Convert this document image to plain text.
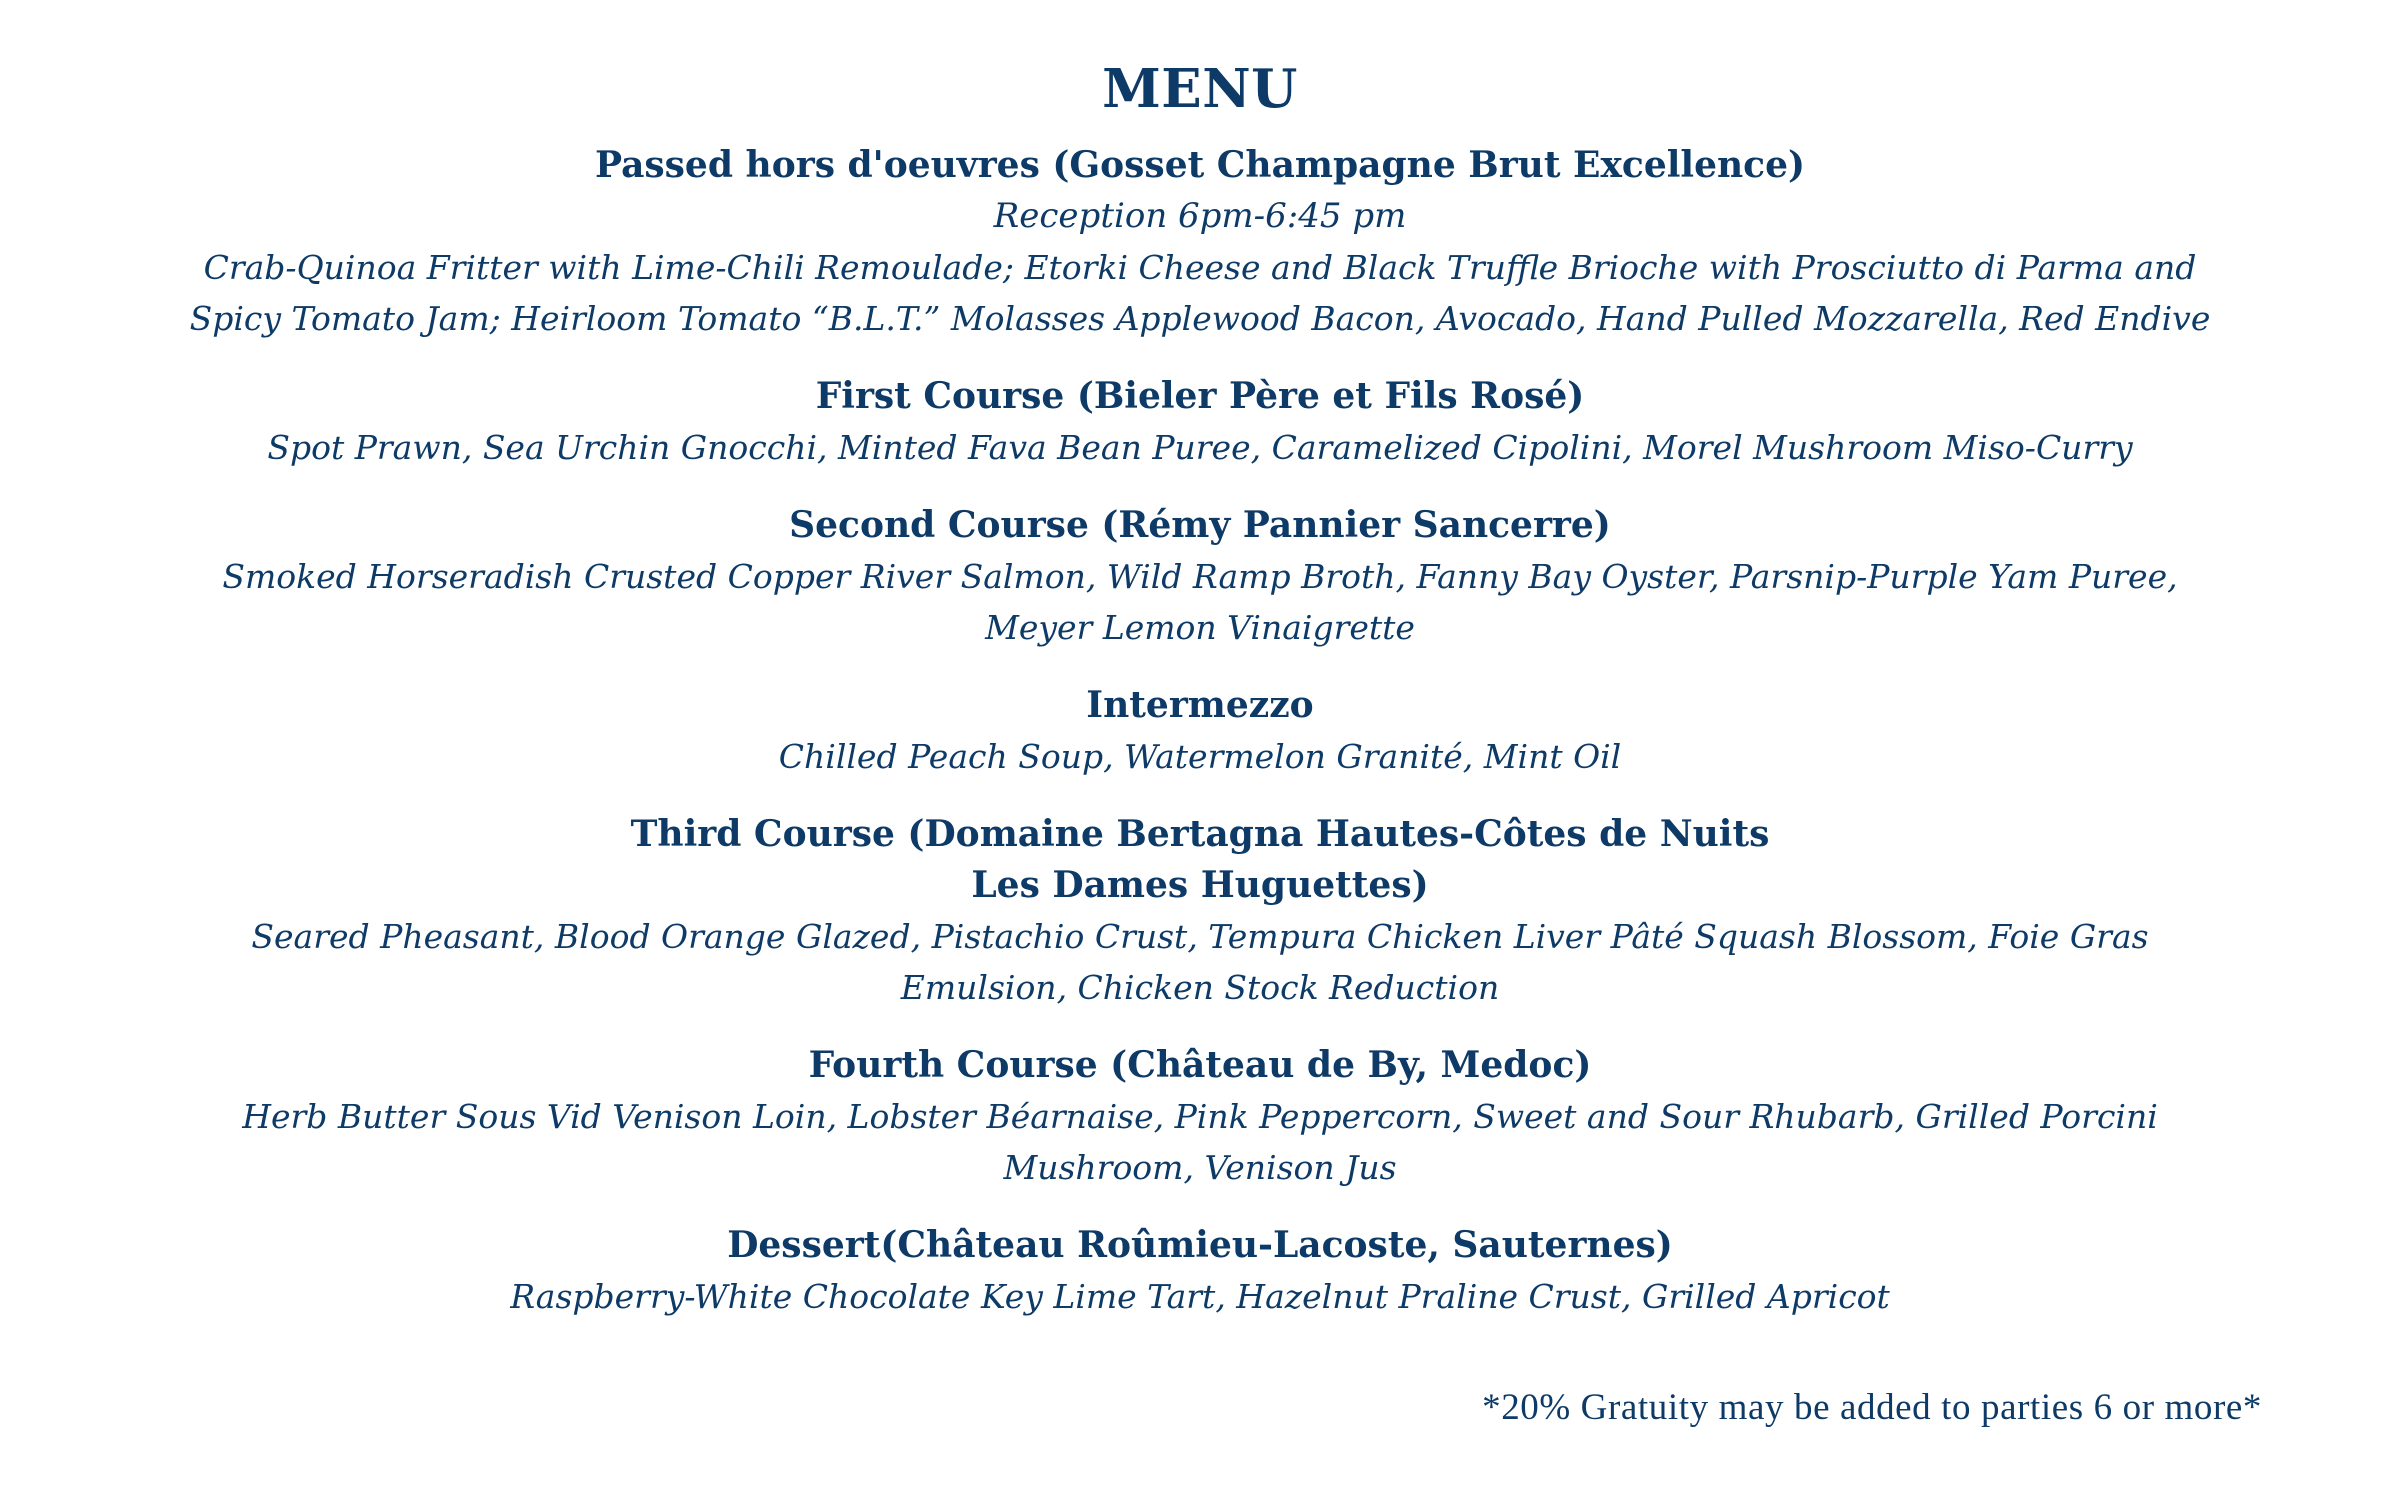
MENU
Passed hors d'oeuvres (Gosset Champagne Brut Excellence)
Reception 6pm-6:45 pm
Crab-Quinoa Fritter with Lime-Chili Remoulade; Etorki Cheese and Black Truffle Brioche with Prosciutto di Parma and Spicy Tomato Jam; Heirloom Tomato “B.L.T.” Molasses Applewood Bacon, Avocado, Hand Pulled Mozzarella, Red Endive
First Course (Bieler Père et Fils Rosé)
Spot Prawn, Sea Urchin Gnocchi, Minted Fava Bean Puree, Caramelized Cipolini, Morel Mushroom Miso-Curry
Second Course (Rémy Pannier Sancerre)
Smoked Horseradish Crusted Copper River Salmon, Wild Ramp Broth, Fanny Bay Oyster, Parsnip-Purple Yam Puree, Meyer Lemon Vinaigrette
Intermezzo
Chilled Peach Soup, Watermelon Granité, Mint Oil
Third Course (Domaine Bertagna Hautes-Côtes de Nuits
Les Dames Huguettes)
Seared Pheasant, Blood Orange Glazed, Pistachio Crust, Tempura Chicken Liver Pâté Squash Blossom, Foie Gras Emulsion, Chicken Stock Reduction
Fourth Course (Château de By, Medoc)
Herb Butter Sous Vid Venison Loin, Lobster Béarnaise, Pink Peppercorn, Sweet and Sour Rhubarb, Grilled Porcini Mushroom, Venison Jus
Dessert(Château Roûmieu-Lacoste, Sauternes)
Raspberry-White Chocolate Key Lime Tart, Hazelnut Praline Crust, Grilled Apricot
*20% Gratuity may be added to parties 6 or more*
